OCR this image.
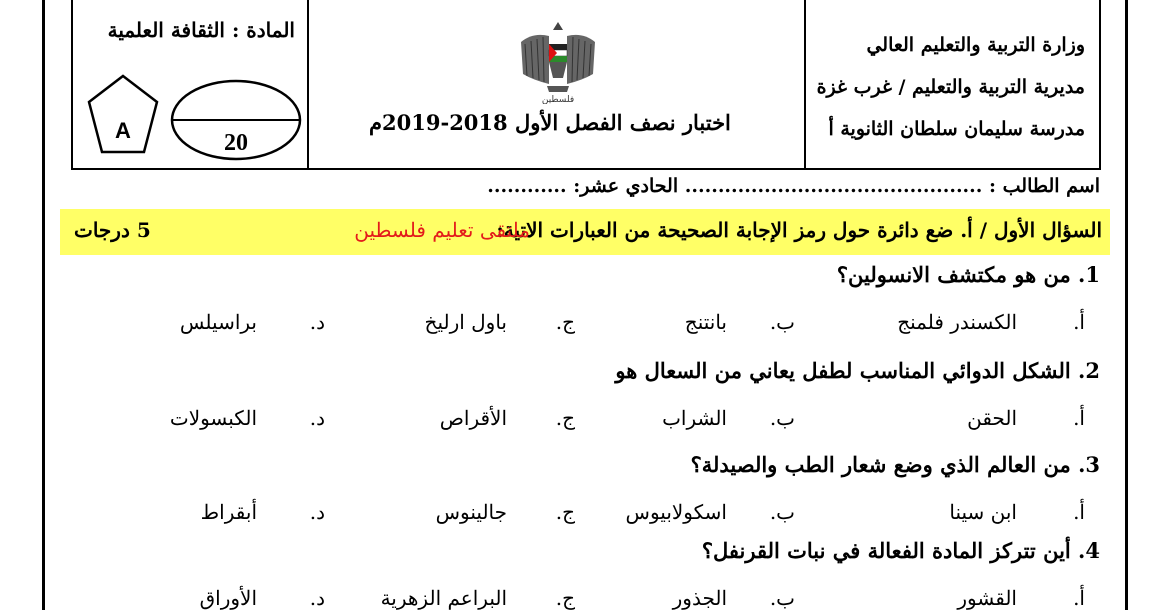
وزارة التربية والتعليم العالي
مديرية التربية والتعليم / غرب غزة
مدرسة سليمان سلطان الثانوية أ
فلسطين
اختبار نصف الفصل الأول 2018-2019م
المادة : الثقافة العلمية
A	20
اسم الطالب : ............................................. الحادي عشر: ............
السؤال الأول / أ. ضع دائرة حول رمز الإجابة الصحيحة من العبارات الاتية:
ملتقى تعليم فلسطين
5 درجات
1. من هو مكتشف الانسولين؟
أ.
الكسندر فلمنج
ب.
بانتنج
ج.
باول ارليخ
د.
براسيلس
2. الشكل الدوائي المناسب لطفل يعاني من السعال هو
أ.
الحقن
ب.
الشراب
ج.
الأقراص
د.
الكبسولات
3. من العالم الذي وضع شعار الطب والصيدلة؟
أ.
ابن سينا
ب.
اسكولابيوس
ج.
جالينوس
د.
أبقراط
4. أين تتركز المادة الفعالة في نبات القرنفل؟
أ.
القشور
ب.
الجذور
ج.
البراعم الزهرية
د.
الأوراق
